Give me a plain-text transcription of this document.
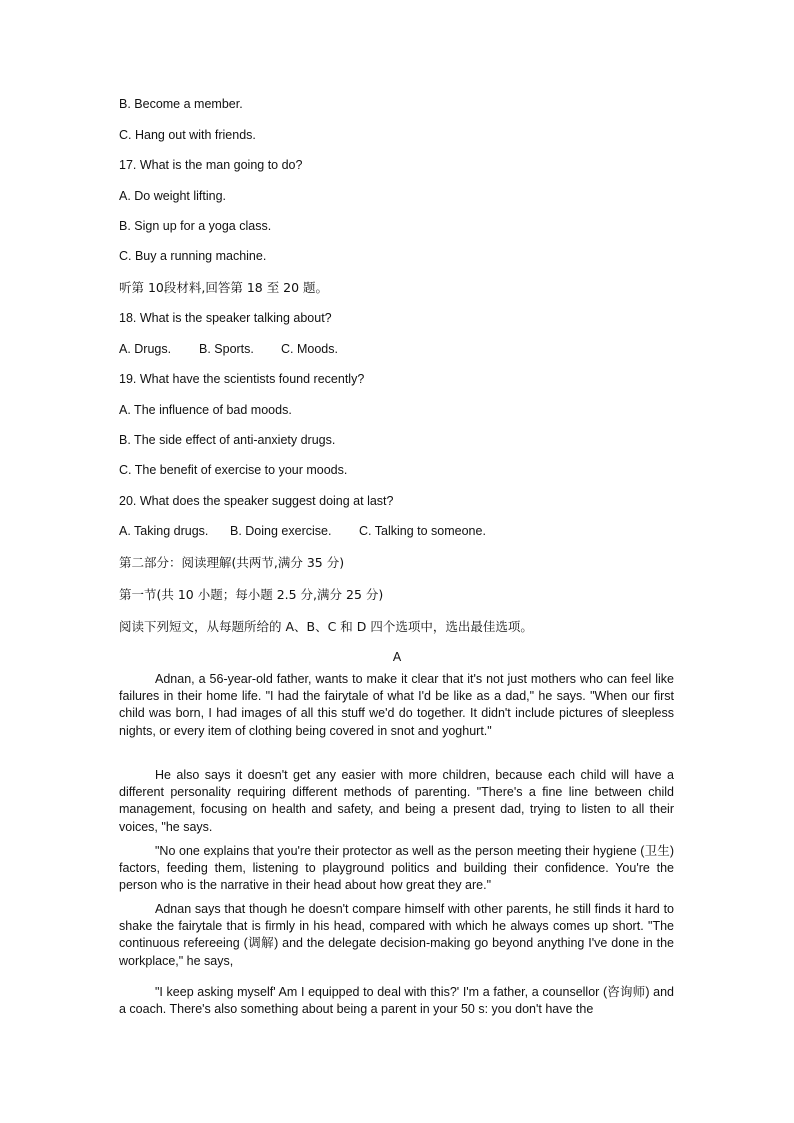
B. Become a member.
C. Hang out with friends.
17. What is the man going to do?
A. Do weight lifting.
B. Sign up for a yoga class.
C. Buy a running machine.
听第 10段材料,回答第 18 至 20 题。
18. What is the speaker talking about?
A. Drugs. B. Sports. C. Moods.
19. What have the scientists found recently?
A. The influence of bad moods.
B. The side effect of anti-anxiety drugs.
C. The benefit of exercise to your moods.
20. What does the speaker suggest doing at last?
A. Taking drugs. B. Doing exercise. C. Talking to someone.
第二部分：阅读理解(共两节,满分 35 分)
第一节(共 10 小题；每小题 2.5 分,满分 25 分)
阅读下列短文，从每题所给的 A、B、C 和 D 四个选项中，选出最佳选项。
A

Adnan, a 56-year-old father, wants to make it clear that it's not just mothers who can feel like failures in their home life. "I had the fairytale of what I'd be like as a dad," he says. "When our first child was born, I had images of all this stuff we'd do together. It didn't include pictures of sleepless nights, or every item of clothing being covered in snot and yoghurt."

He also says it doesn't get any easier with more children, because each child will have a different personality requiring different methods of parenting. "There's a fine line between child management, focusing on health and safety, and being a present dad, trying to listen to all their voices, "he says.

"No one explains that you're their protector as well as the person meeting their hygiene (卫生) factors, feeding them, listening to playground politics and building their confidence. You're the person who is the narrative in their head about how great they are."

Adnan says that though he doesn't compare himself with other parents, he still finds it hard to shake the fairytale that is firmly in his head, compared with which he always comes up short. "The continuous refereeing (调解) and the delegate decision-making go beyond anything I've done in the workplace," he says,

"I keep asking myself' Am I equipped to deal with this?' I'm a father, a counsellor (咨询师) and a coach. There's also something about being a parent in your 50 s: you don't have the
